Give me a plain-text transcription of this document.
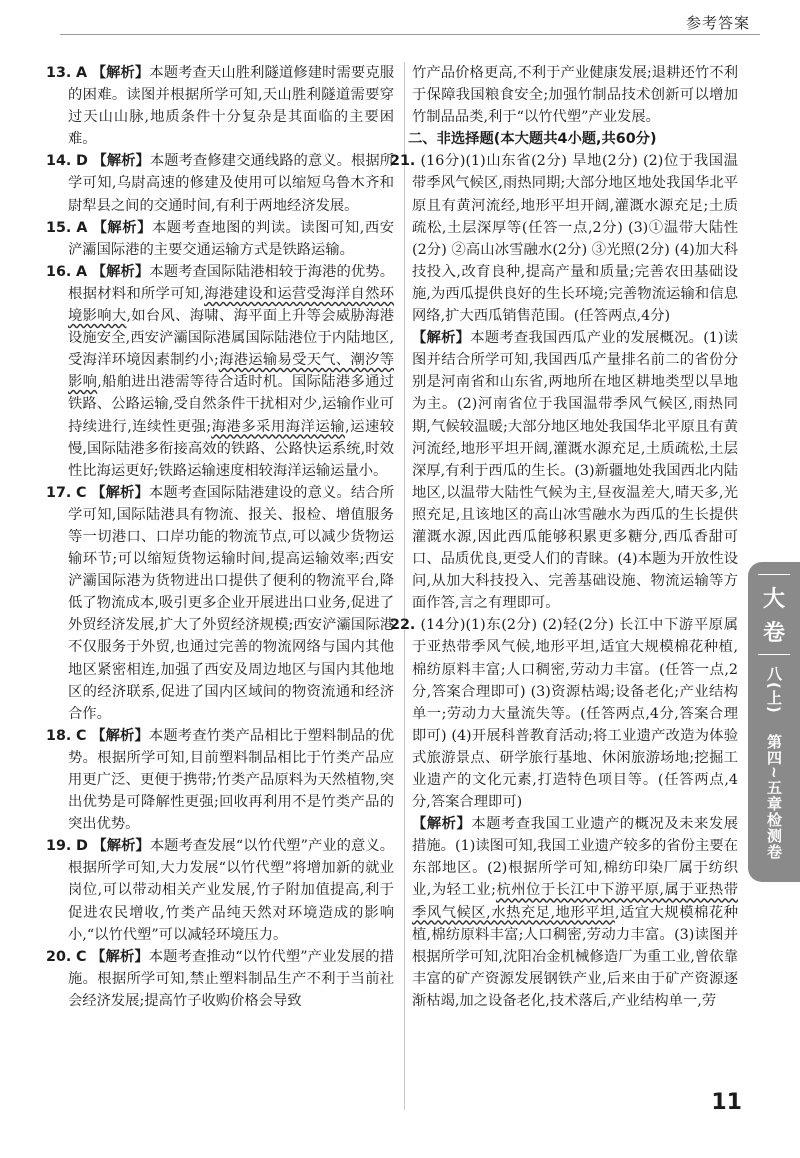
参考答案

13. A 【解析】本题考查天山胜利隧道修建时需要克服的困难。读图并根据所学可知,天山胜利隧道需要穿过天山山脉,地质条件十分复杂是其面临的主要困难。

14. D 【解析】本题考查修建交通线路的意义。根据所学可知,乌尉高速的修建及使用可以缩短乌鲁木齐和尉犁县之间的交通时间,有利于两地经济发展。

15. A 【解析】本题考查地图的判读。读图可知,西安浐灞国际港的主要交通运输方式是铁路运输。

16. A 【解析】本题考查国际陆港相较于海港的优势。根据材料和所学可知,海港建设和运营受海洋自然环境影响大,如台风、海啸、海平面上升等会威胁海港设施安全,西安浐灞国际港属国际陆港位于内陆地区,受海洋环境因素制约小;海港运输易受天气、潮汐等影响,船舶进出港需等待合适时机。国际陆港多通过铁路、公路运输,受自然条件干扰相对少,运输作业可持续进行,连续性更强;海港多采用海洋运输,运速较慢,国际陆港多衔接高效的铁路、公路快运系统,时效性比海运更好;铁路运输速度相较海洋运输运量小。

17. C 【解析】本题考查国际陆港建设的意义。结合所学可知,国际陆港具有物流、报关、报检、增值服务等一切港口、口岸功能的物流节点,可以减少货物运输环节;可以缩短货物运输时间,提高运输效率;西安浐灞国际港为货物进出口提供了便利的物流平台,降低了物流成本,吸引更多企业开展进出口业务,促进了外贸经济发展,扩大了外贸经济规模;西安浐灞国际港不仅服务于外贸,也通过完善的物流网络与国内其他地区紧密相连,加强了西安及周边地区与国内其他地区的经济联系,促进了国内区域间的物资流通和经济合作。

18. C 【解析】本题考查竹类产品相比于塑料制品的优势。根据所学可知,目前塑料制品相比于竹类产品应用更广泛、更便于携带;竹类产品原料为天然植物,突出优势是可降解性更强;回收再利用不是竹类产品的突出优势。

19. D 【解析】本题考查发展“以竹代塑”产业的意义。根据所学可知,大力发展“以竹代塑”将增加新的就业岗位,可以带动相关产业发展,竹子附加值提高,利于促进农民增收,竹类产品纯天然对环境造成的影响小,“以竹代塑”可以减轻环境压力。

20. C 【解析】本题考查推动“以竹代塑”产业发展的措施。根据所学可知,禁止塑料制品生产不利于当前社会经济发展;提高竹子收购价格会导致

竹产品价格更高,不利于产业健康发展;退耕还竹不利于保障我国粮食安全;加强竹制品技术创新可以增加竹制品品类,利于“以竹代塑”产业发展。

二、非选择题(本大题共4小题,共60分)

21. (16分)(1)山东省(2分) 旱地(2分) (2)位于我国温带季风气候区,雨热同期;大部分地区地处我国华北平原且有黄河流经,地形平坦开阔,灌溉水源充足;土质疏松,土层深厚等(任答一点,2分) (3)①温带大陆性(2分) ②高山冰雪融水(2分) ③光照(2分) (4)加大科技投入,改育良种,提高产量和质量;完善农田基础设施,为西瓜提供良好的生长环境;完善物流运输和信息网络,扩大西瓜销售范围。(任答两点,4分)

【解析】本题考查我国西瓜产业的发展概况。(1)读图并结合所学可知,我国西瓜产量排名前二的省份分别是河南省和山东省,两地所在地区耕地类型以旱地为主。(2)河南省位于我国温带季风气候区,雨热同期,气候较温暖;大部分地区地处我国华北平原且有黄河流经,地形平坦开阔,灌溉水源充足,土质疏松,土层深厚,有利于西瓜的生长。(3)新疆地处我国西北内陆地区,以温带大陆性气候为主,昼夜温差大,晴天多,光照充足,且该地区的高山冰雪融水为西瓜的生长提供灌溉水源,因此西瓜能够积累更多糖分,西瓜香甜可口、品质优良,更受人们的青睐。(4)本题为开放性设问,从加大科技投入、完善基础设施、物流运输等方面作答,言之有理即可。

22. (14分)(1)东(2分) (2)轻(2分) 长江中下游平原属于亚热带季风气候,地形平坦,适宜大规模棉花种植,棉纺原料丰富;人口稠密,劳动力丰富。(任答一点,2分,答案合理即可) (3)资源枯竭;设备老化;产业结构单一;劳动力大量流失等。(任答两点,4分,答案合理即可) (4)开展科普教育活动;将工业遗产改造为体验式旅游景点、研学旅行基地、休闲旅游场地;挖掘工业遗产的文化元素,打造特色项目等。(任答两点,4分,答案合理即可)

【解析】本题考查我国工业遗产的概况及未来发展措施。(1)读图可知,我国工业遗产较多的省份主要在东部地区。(2)根据所学可知,棉纺印染厂属于纺织业,为轻工业;杭州位于长江中下游平原,属于亚热带季风气候区,水热充足,地形平坦,适宜大规模棉花种植,棉纺原料丰富;人口稠密,劳动力丰富。(3)读图并根据所学可知,沈阳冶金机械修造厂为重工业,曾依靠丰富的矿产资源发展钢铁产业,后来由于矿产资源逐渐枯竭,加之设备老化,技术落后,产业结构单一,劳

大
卷
八(上)
第四~五章检测卷
11
